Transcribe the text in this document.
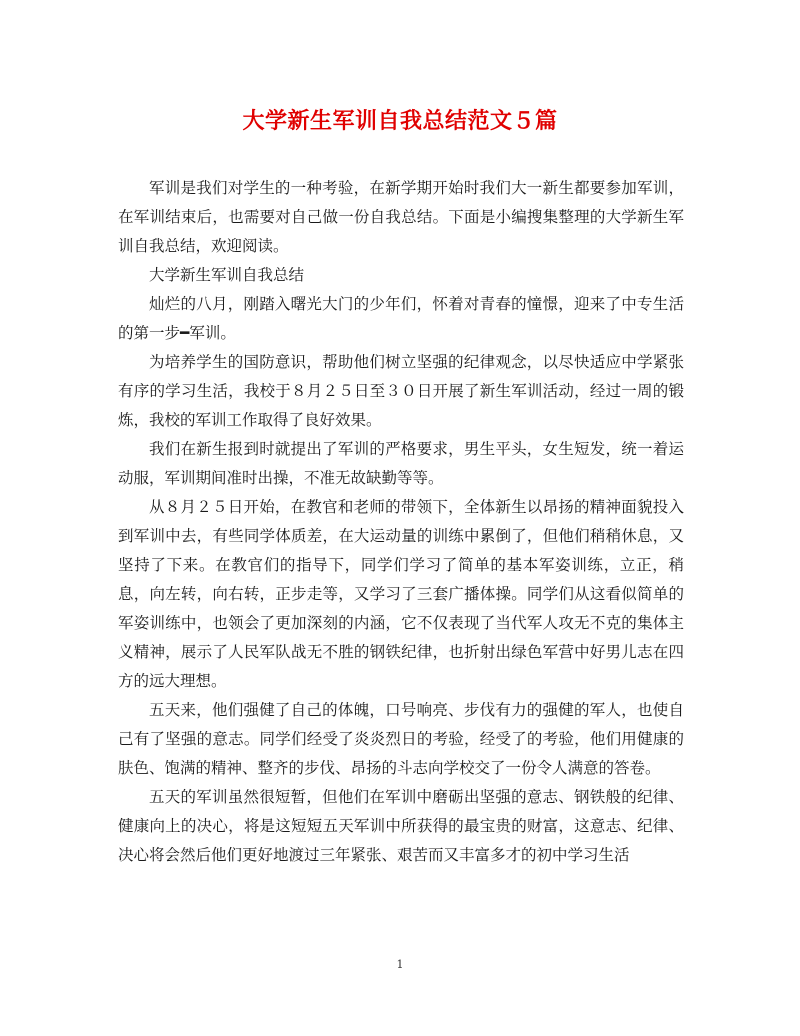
大学新生军训自我总结范文５篇

军训是我们对学生的一种考验，在新学期开始时我们大一新生都要参加军训，在军训结束后，也需要对自己做一份自我总结。下面是小编搜集整理的大学新生军训自我总结，欢迎阅读。

大学新生军训自我总结

灿烂的八月，刚踏入曙光大门的少年们，怀着对青春的憧憬，迎来了中专生活的第一步━军训。

为培养学生的国防意识，帮助他们树立坚强的纪律观念，以尽快适应中学紧张有序的学习生活，我校于８月２５日至３０日开展了新生军训活动，经过一周的锻炼，我校的军训工作取得了良好效果。

我们在新生报到时就提出了军训的严格要求，男生平头，女生短发，统一着运动服，军训期间准时出操，不准无故缺勤等等。

从８月２５日开始，在教官和老师的带领下，全体新生以昂扬的精神面貌投入到军训中去，有些同学体质差，在大运动量的训练中累倒了，但他们稍稍休息，又坚持了下来。在教官们的指导下，同学们学习了简单的基本军姿训练，立正，稍息，向左转，向右转，正步走等，又学习了三套广播体操。同学们从这看似简单的军姿训练中，也领会了更加深刻的内涵，它不仅表现了当代军人攻无不克的集体主义精神，展示了人民军队战无不胜的钢铁纪律，也折射出绿色军营中好男儿志在四方的远大理想。

五天来，他们强健了自己的体魄，口号响亮、步伐有力的强健的军人，也使自己有了坚强的意志。同学们经受了炎炎烈日的考验，经受了的考验，他们用健康的肤色、饱满的精神、整齐的步伐、昂扬的斗志向学校交了一份令人满意的答卷。

五天的军训虽然很短暂，但他们在军训中磨砺出坚强的意志、钢铁般的纪律、健康向上的决心，将是这短短五天军训中所获得的最宝贵的财富，这意志、纪律、决心将会然后他们更好地渡过三年紧张、艰苦而又丰富多才的初中学习生活

1
